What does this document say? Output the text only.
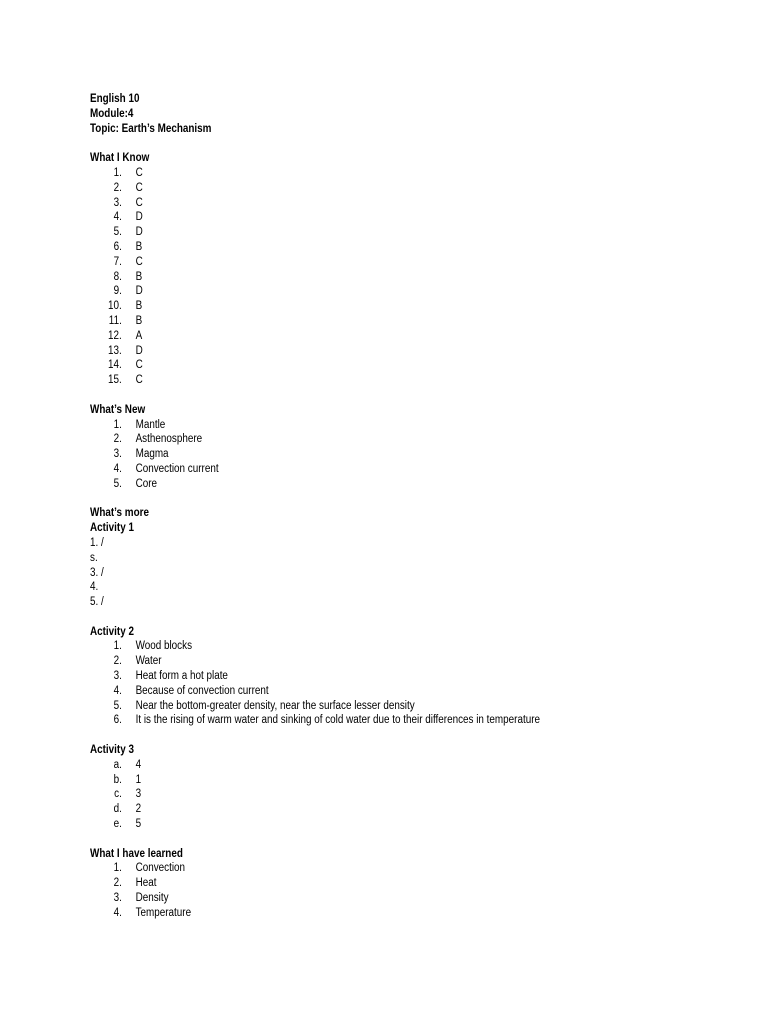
English 10
Module:4
Topic: Earth’s Mechanism
What I Know
1. C
2. C
3. C
4. D
5. D
6. B
7. C
8. B
9. D
10. B
11. B
12. A
13. D
14. C
15. C
What’s New
1. Mantle
2. Asthenosphere
3. Magma
4. Convection current
5. Core
What’s more
Activity 1
1. /
s.
3. /
4.
5. /
Activity 2
1. Wood blocks
2. Water
3. Heat form a hot plate
4. Because of convection current
5. Near the bottom-greater density, near the surface lesser density
6. It is the rising of warm water and sinking of cold water due to their differences in temperature
Activity 3
a. 4
b. 1
c. 3
d. 2
e. 5
What I have learned
1. Convection
2. Heat
3. Density
4. Temperature
